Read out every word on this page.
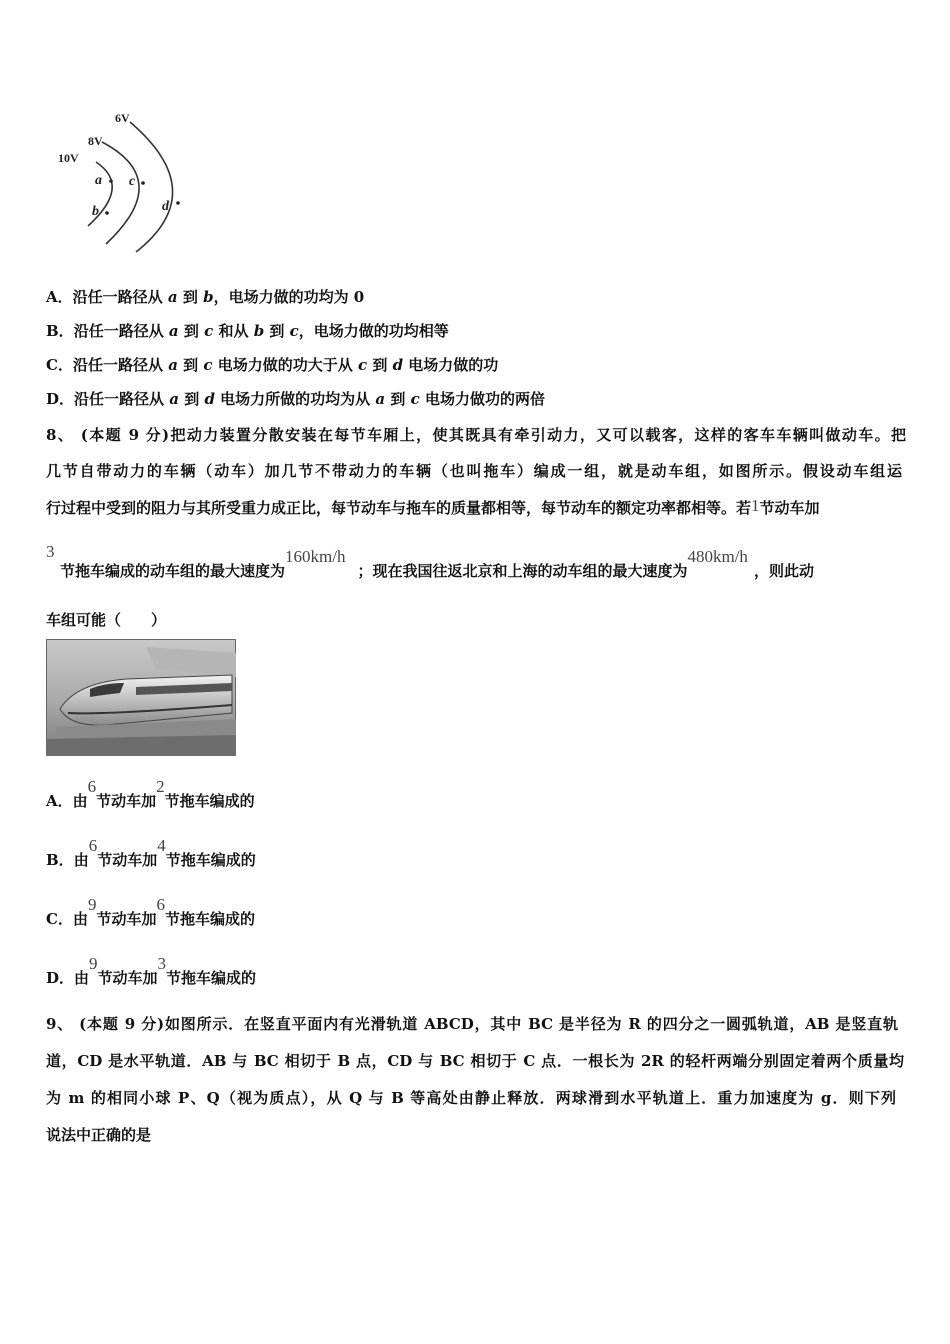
10V
8V
6V
a
b
c
d
A．沿任一路径从 a 到 b，电场力做的功均为 0
B．沿任一路径从 a 到 c 和从 b 到 c，电场力做的功均相等
C．沿任一路径从 a 到 c 电场力做的功大于从 c 到 d 电场力做的功
D．沿任一路径从 a 到 d 电场力所做的功均为从 a 到 c 电场力做功的两倍
8、 (本题 9 分)把动力装置分散安装在每节车厢上，使其既具有牵引动力，又可以载客，这样的客车车辆叫做动车。把
几节自带动力的车辆（动车）加几节不带动力的车辆（也叫拖车）编成一组，就是动车组，如图所示。假设动车组运
行过程中受到的阻力与其所受重力成正比，每节动车与拖车的质量都相等，每节动车的额定功率都相等。若1节动车加
3
节拖车编成的动车组的最大速度为160km/h；现在我国往返北京和上海的动车组的最大速度为480km/h，则此动
车组可能（　　）
A．由6节动车加2节拖车编成的
B．由6节动车加4节拖车编成的
C．由9节动车加6节拖车编成的
D．由9节动车加3节拖车编成的
9、 (本题 9 分)如图所示．在竖直平面内有光滑轨道 ABCD，其中 BC 是半径为 R 的四分之一圆弧轨道，AB 是竖直轨
道，CD 是水平轨道．AB 与 BC 相切于 B 点，CD 与 BC 相切于 C 点．一根长为 2R 的轻杆两端分别固定着两个质量均
为 m 的相同小球 P、Q（视为质点），从 Q 与 B 等高处由静止释放．两球滑到水平轨道上．重力加速度为 g．则下列
说法中正确的是
